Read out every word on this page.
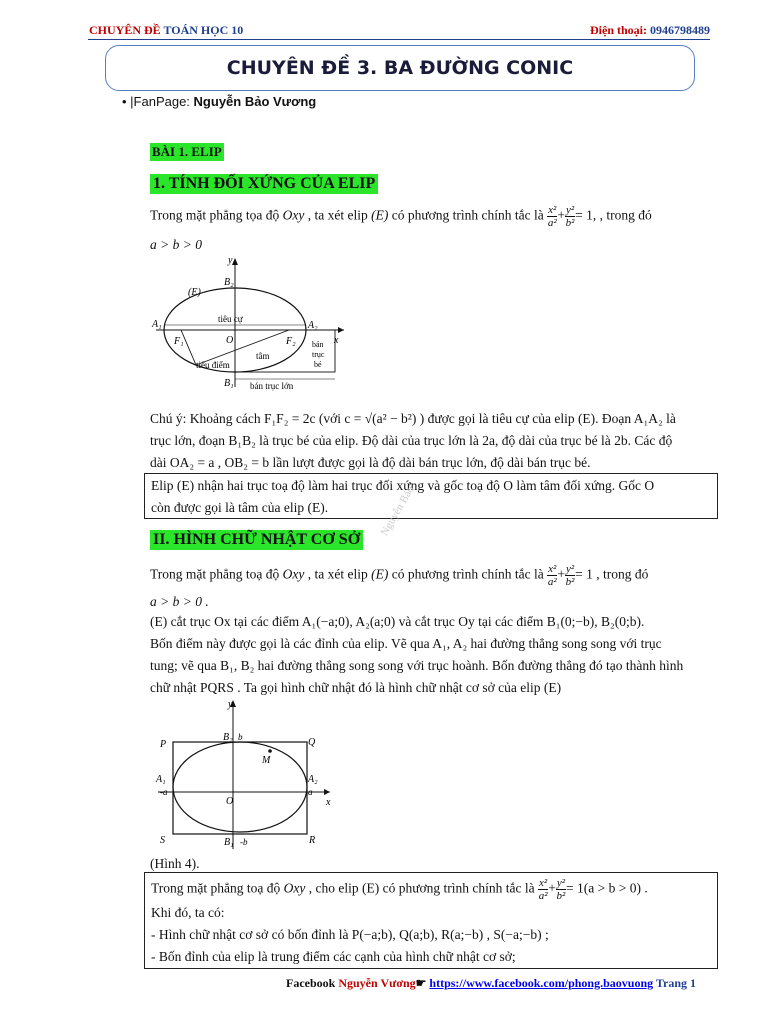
CHUYÊN ĐỀ TOÁN HỌC 10	Điện thoại: 0946798489
CHUYÊN ĐỀ 3. BA ĐƯỜNG CONIC
• |FanPage: Nguyễn Bảo Vương
BÀI 1. ELIP
1. TÍNH ĐỐI XỨNG CỦA ELIP
Trong mặt phẳng tọa độ Oxy , ta xét elip (E) có phương trình chính tắc là $\frac{\text{x²}}{\text{a²}} + \frac{\text{y²}}{\text{b²}} = 1$, , trong đó
a > b > 0
y
x
(E)
B₂
B₁
A₁	A₂
F₁	F₂
O
tiêu cự
tiêu điểm
tâm
bán
trục
bé
bán trục lớn
Chú ý: Khoảng cách F₁F₂ = 2c (với c = √(a² − b²) ) được gọi là tiêu cự của elip (E). Đoạn A₁A₂ là
trục lớn, đoạn B₁B₂ là trục bé của elip. Độ dài của trục lớn là 2a, độ dài của trục bé là 2b. Các độ
dài OA₂ = a , OB₂ = b lần lượt được gọi là độ dài bán trục lớn, độ dài bán trục bé.
Elip (E) nhận hai trục toạ độ làm hai trục đối xứng và gốc toạ độ O làm tâm đối xứng. Gốc O
còn được gọi là tâm của elip (E).	Nguyễn Bảo
II. HÌNH CHỮ NHẬT CƠ SỞ
Trong mặt phẳng toạ độ Oxy , ta xét elip (E) có phương trình chính tắc là $\frac{\text{x²}}{\text{a²}} + \frac{\text{y²}}{\text{b²}} = 1$ , trong đó
a > b > 0 .
(E) cắt trục Ox tại các điểm A₁(−a;0), A₂(a;0) và cắt trục Oy tại các điểm B₁(0;−b), B₂(0;b).
Bốn điểm này được gọi là các đỉnh của elip. Vẽ qua A₁, A₂ hai đường thẳng song song với trục
tung; vẽ qua B₁, B₂ hai đường thẳng song song với trục hoành. Bốn đường thẳng đó tạo thành hình
chữ nhật PQRS . Ta gọi hình chữ nhật đó là hình chữ nhật cơ sở của elip (E)
y
x
P	Q
S	R
B₂ b
B₁ -b
A₁
-a
A₂
a
O
M
(Hình 4).
Trong mặt phẳng toạ độ Oxy , cho elip (E) có phương trình chính tắc là $\frac{\text{x²}}{\text{a²}} + \frac{\text{y²}}{\text{b²}} = 1(a > b > 0)$ .
Khi đó, ta có:
- Hình chữ nhật cơ sở có bốn đỉnh là P(−a;b), Q(a;b), R(a;−b) , S(−a;−b) ;
- Bốn đỉnh của elip là trung điểm các cạnh của hình chữ nhật cơ sở;
Facebook Nguyễn Vương☛ https://www.facebook.com/phong.baovuong Trang 1
